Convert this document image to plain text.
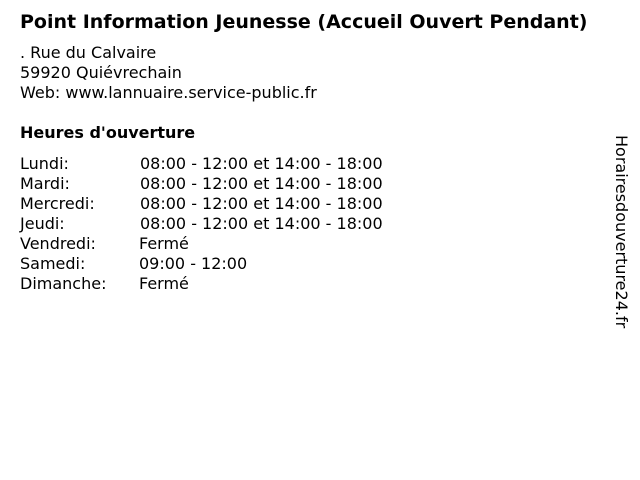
Point Information Jeunesse (Accueil Ouvert Pendant)
. Rue du Calvaire
59920 Quiévrechain
Web: www.lannuaire.service-public.fr
Heures d'ouverture
Lundi:	08:00 - 12:00 et 14:00 - 18:00
Mardi:	08:00 - 12:00 et 14:00 - 18:00
Mercredi:	08:00 - 12:00 et 14:00 - 18:00
Jeudi:	08:00 - 12:00 et 14:00 - 18:00
Vendredi:	Fermé
Samedi:	09:00 - 12:00
Dimanche: Fermé	Horairesdouverture24.fr
